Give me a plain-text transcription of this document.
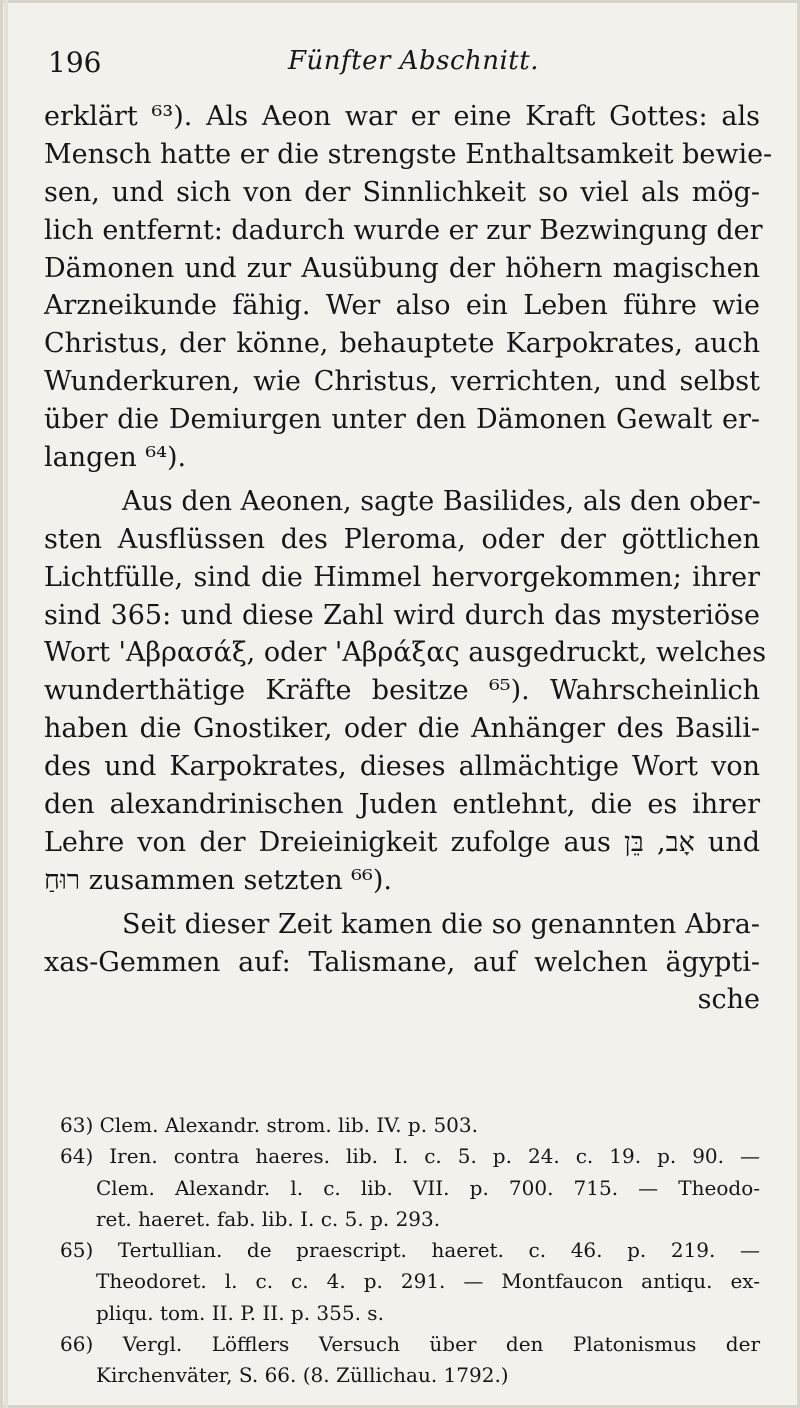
196	Fünfter Abschnitt.
erklärt ⁶³). Als Aeon war er eine Kraft Gottes: als
Mensch hatte er die strengste Enthaltsamkeit bewie-
sen, und sich von der Sinnlichkeit so viel als mög-
lich entfernt: dadurch wurde er zur Bezwingung der
Dämonen und zur Ausübung der höhern magischen
Arzneikunde fähig. Wer also ein Leben führe wie
Christus, der könne, behauptete Karpokrates, auch
Wunderkuren, wie Christus, verrichten, und selbst
über die Demiurgen unter den Dämonen Gewalt er-
langen ⁶⁴).
Aus den Aeonen, sagte Basilides, als den ober-
sten Ausflüssen des Pleroma, oder der göttlichen
Lichtfülle, sind die Himmel hervorgekommen; ihrer
sind 365: und diese Zahl wird durch das mysteriöse
Wort 'Αβρασάξ, oder 'Αβράξας ausgedruckt, welches
wunderthätige Kräfte besitze ⁶⁵). Wahrscheinlich
haben die Gnostiker, oder die Anhänger des Basili-
des und Karpokrates, dieses allmächtige Wort von
den alexandrinischen Juden entlehnt, die es ihrer
Lehre von der Dreieinigkeit zufolge aus אָב, בֵּן und
רוּחַ zusammen setzten ⁶⁶).
Seit dieser Zeit kamen die so genannten Abra-
xas-Gemmen auf: Talismane, auf welchen ägypti-
sche
63) Clem. Alexandr. strom. lib. IV. p. 503.
64) Iren. contra haeres. lib. I. c. 5. p. 24. c. 19. p. 90. —
Clem. Alexandr. l. c. lib. VII. p. 700. 715. — Theodo-
ret. haeret. fab. lib. I. c. 5. p. 293.
65) Tertullian. de praescript. haeret. c. 46. p. 219. —
Theodoret. l. c. c. 4. p. 291. — Montfaucon antiqu. ex-
pliqu. tom. II. P. II. p. 355. s.
66) Vergl. Löfflers Versuch über den Platonismus der
Kirchenväter, S. 66. (8. Züllichau. 1792.)
